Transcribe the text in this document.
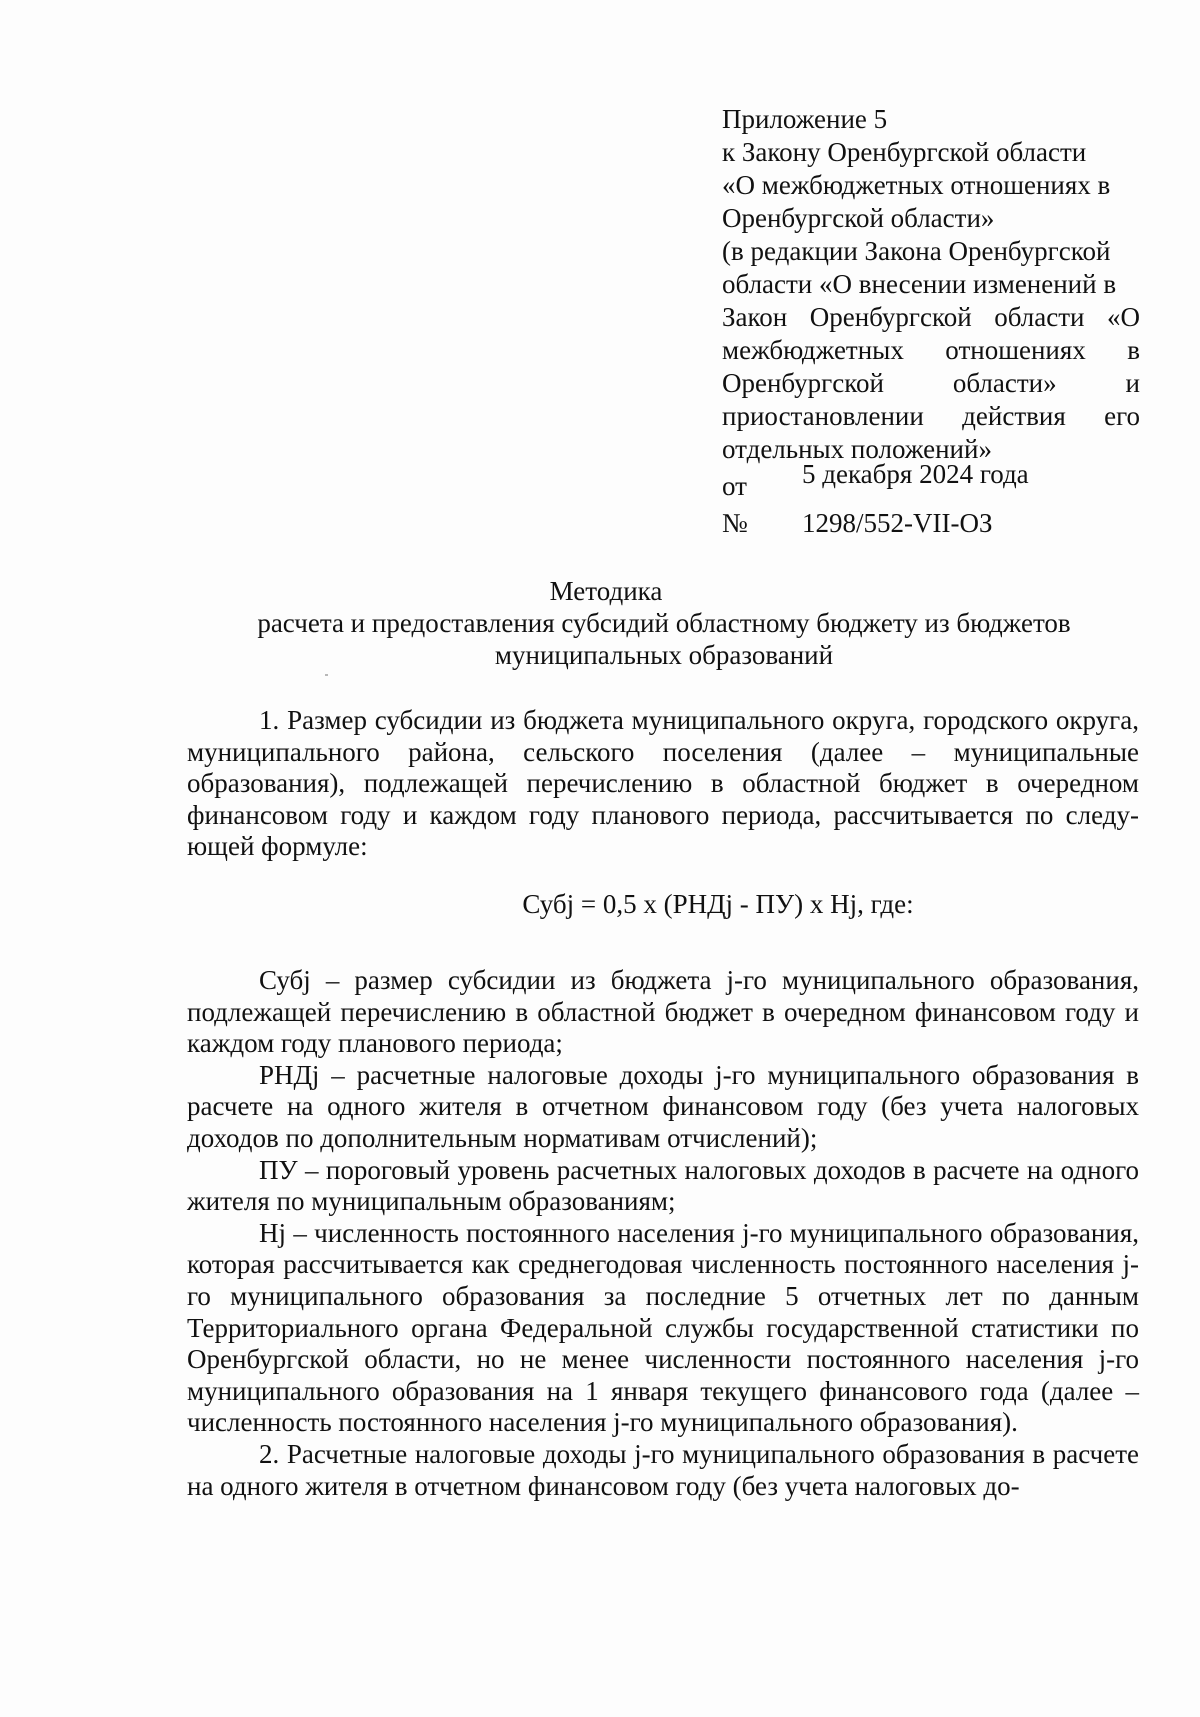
Приложение 5
к Закону Оренбургской области
«О межбюджетных отношениях в
Оренбургской области»
(в редакции Закона Оренбургской
области «О внесении изменений в
Закон Оренбургской области «О
межбюджетных отношениях в
Оренбургской	области»	и
приостановлении действия его
отдельных положений»
от	5 декабря 2024 года
№	1298/552-VII-ОЗ
Методика
расчета и предоставления субсидий областному бюджету из бюджетов
муниципальных образований

1. Размер субсидии из бюджета муниципального округа, городского округа, муниципального района, сельского поселения (далее – муниципальные образования), подлежащей перечислению в областной бюджет в очередном финансовом году и каждом году планового периода, рассчитывается по следующей формуле:

Субj = 0,5 х (РНДj - ПУ) х Нj, где:

Субj – размер субсидии из бюджета j-го муниципального образования, подлежащей перечислению в областной бюджет в очередном финансовом году и каждом году планового периода;

РНДj – расчетные налоговые доходы j-го муниципального образования в расчете на одного жителя в отчетном финансовом году (без учета налоговых доходов по дополнительным нормативам отчислений);

ПУ – пороговый уровень расчетных налоговых доходов в расчете на одного жителя по муниципальным образованиям;

Нj – численность постоянного населения j-го муниципального образования, которая рассчитывается как среднегодовая численность постоянного населения j-го муниципального образования за последние 5 отчетных лет по данным Территориального органа Федеральной службы государственной статистики по Оренбургской области, но не менее численности постоянного населения j-го муниципального образования на 1 января текущего финансового года (далее – численность постоянного населения j-го муниципального образования).

2. Расчетные налоговые доходы j-го муниципального образования в расчете на одного жителя в отчетном финансовом году (без учета налоговых до-
